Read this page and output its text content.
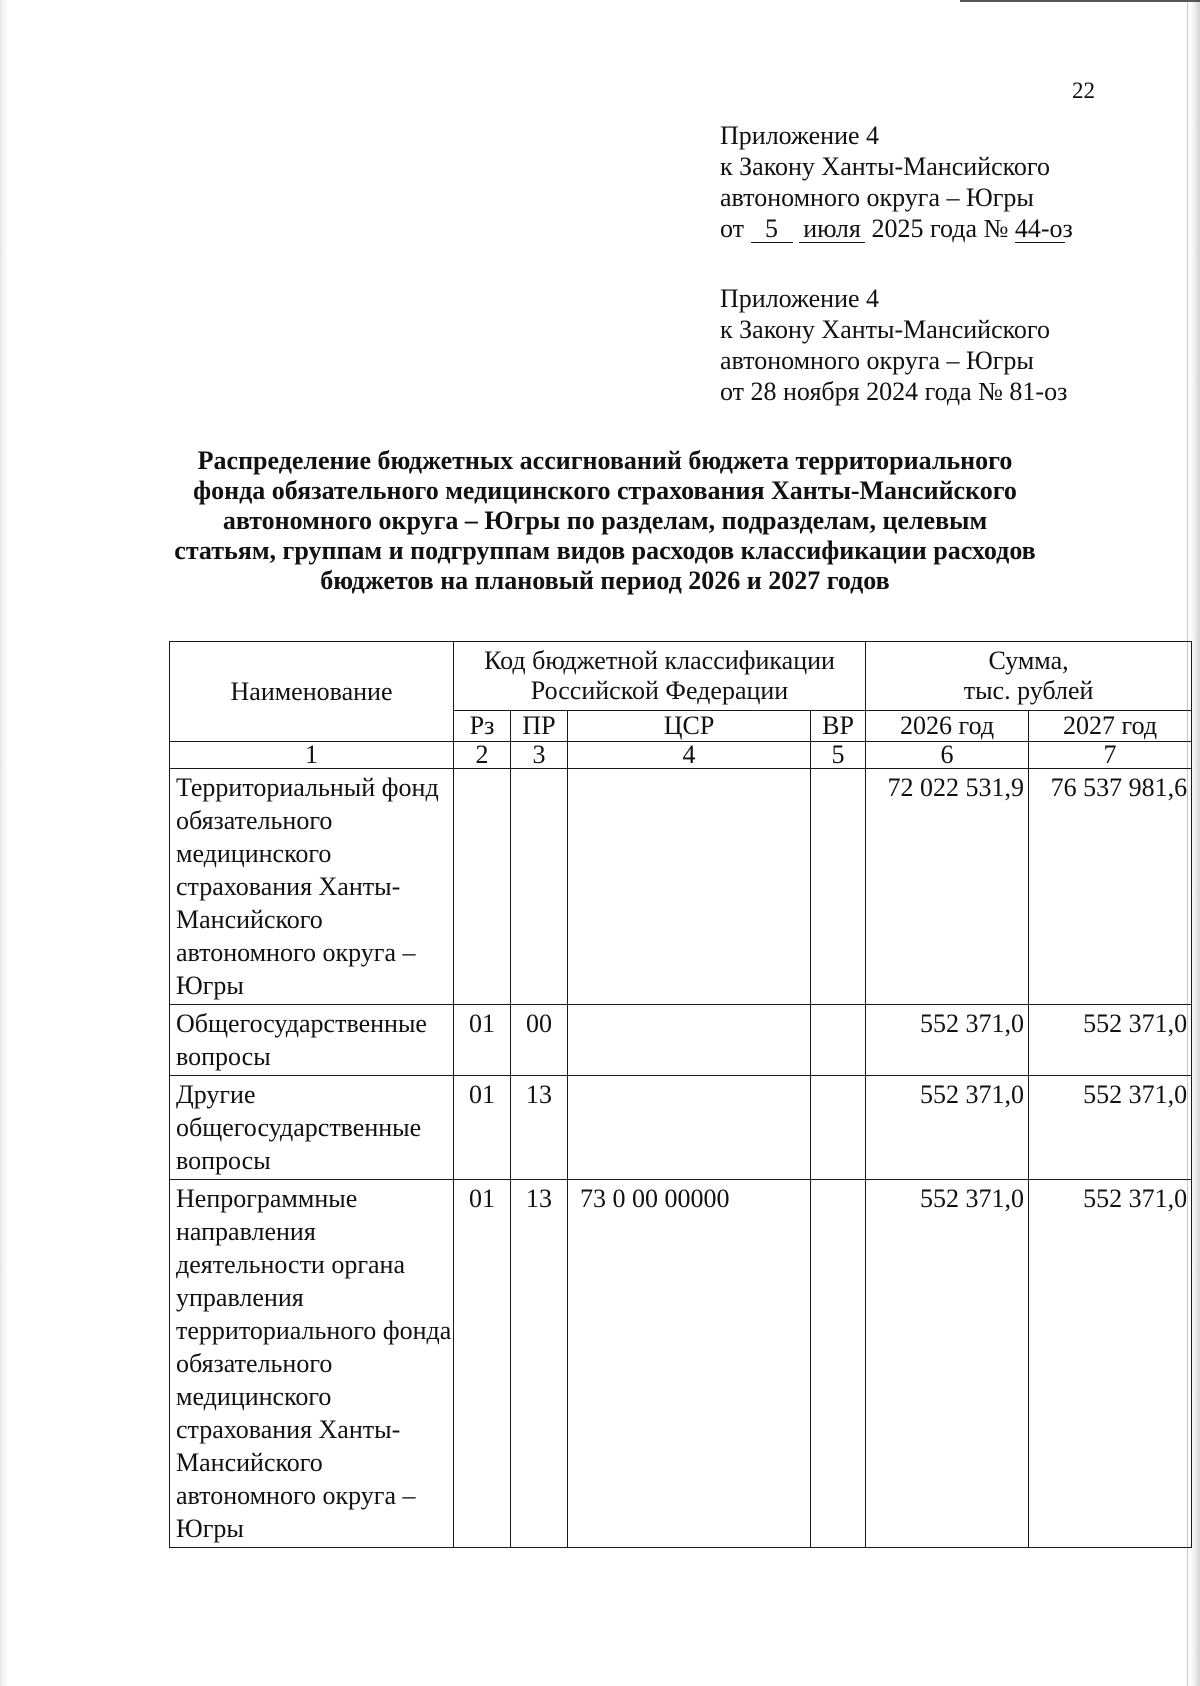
22
Приложение 4
к Закону Ханты-Мансийского
автономного округа – Югры
от 5 июля 2025 года № 44-оз
Приложение 4
к Закону Ханты-Мансийского
автономного округа – Югры
от 28 ноября 2024 года № 81-оз
Распределение бюджетных ассигнований бюджета территориального фонда обязательного медицинского страхования Ханты-Мансийского автономного округа – Югры по разделам, подразделам, целевым статьям, группам и подгруппам видов расходов классификации расходов бюджетов на плановый период 2026 и 2027 годов
Наименование	Код бюджетной классификации Российской Федерации				Сумма,
тыс. рублей	

	Рз	ПР	ЦСР	ВР	2026 год	2027 год
1	2	3	4	5	6	7
Территориальный фонд обязательного медицинского страхования Ханты-Мансийского автономного округа – Югры					72 022 531,9	76 537 981,6
Общегосударственные вопросы	01	00			552 371,0	552 371,0
Другие общегосударственные вопросы	01	13			552 371,0	552 371,0
Непрограммные направления деятельности органа управления территориального фонда обязательного медицинского страхования Ханты-Мансийского автономного округа – Югры	01	13	73 0 00 00000		552 371,0	552 371,0
